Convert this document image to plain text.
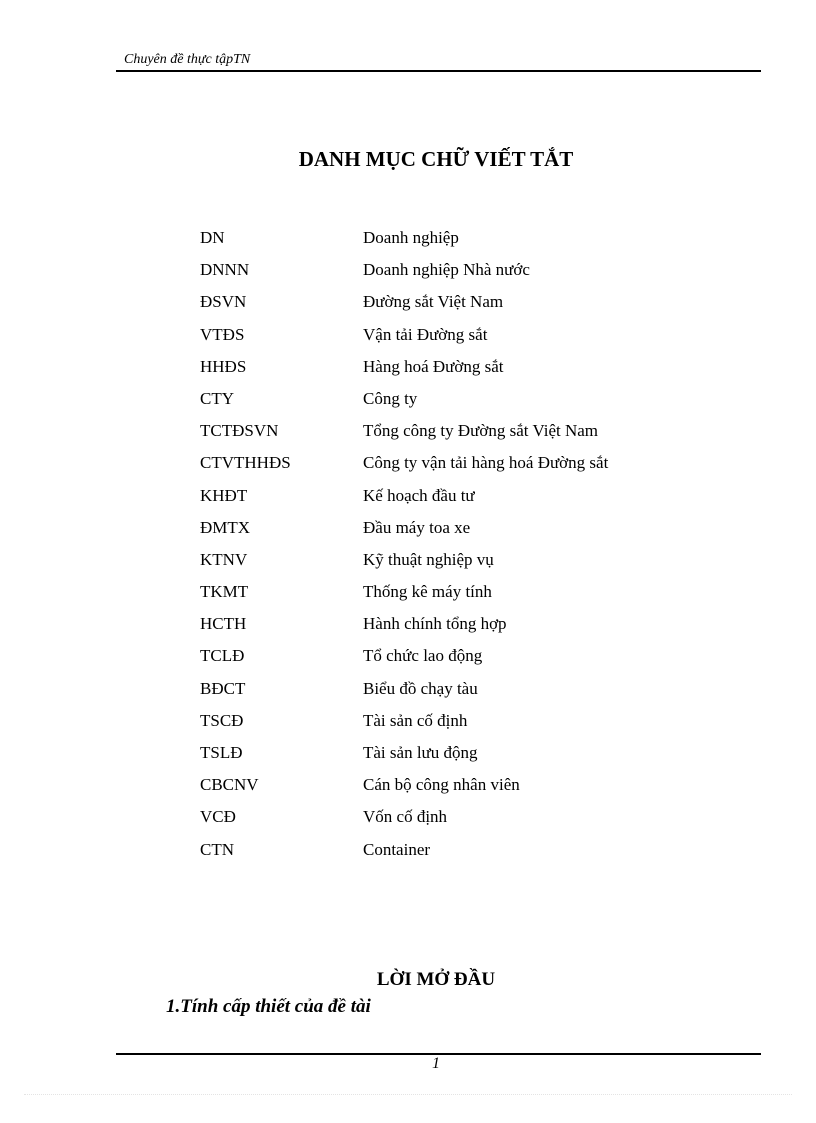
Chuyên đề thực tậpTN
DANH MỤC CHỮ VIẾT TẮT
DN	Doanh nghiệp
DNNN	Doanh nghiệp Nhà nước
ĐSVN	Đường sắt Việt Nam
VTĐS	Vận tải Đường sắt
HHĐS	Hàng hoá Đường sắt
CTY	Công ty
TCTĐSVN	Tổng công ty Đường sắt Việt Nam
CTVTHHĐS	Công ty vận tải hàng hoá Đường sắt
KHĐT	Kế hoạch đầu tư
ĐMTX	Đầu máy toa xe
KTNV	Kỹ thuật nghiệp vụ
TKMT	Thống kê máy tính
HCTH	Hành chính tổng hợp
TCLĐ	Tổ chức lao động
BĐCT	Biểu đồ chạy tàu
TSCĐ	Tài sản cố định
TSLĐ	Tài sản lưu động
CBCNV	Cán bộ công nhân viên
VCĐ	Vốn cố định
CTN	Container
LỜI MỞ ĐẦU
1.Tính cấp thiết của đề tài
1
